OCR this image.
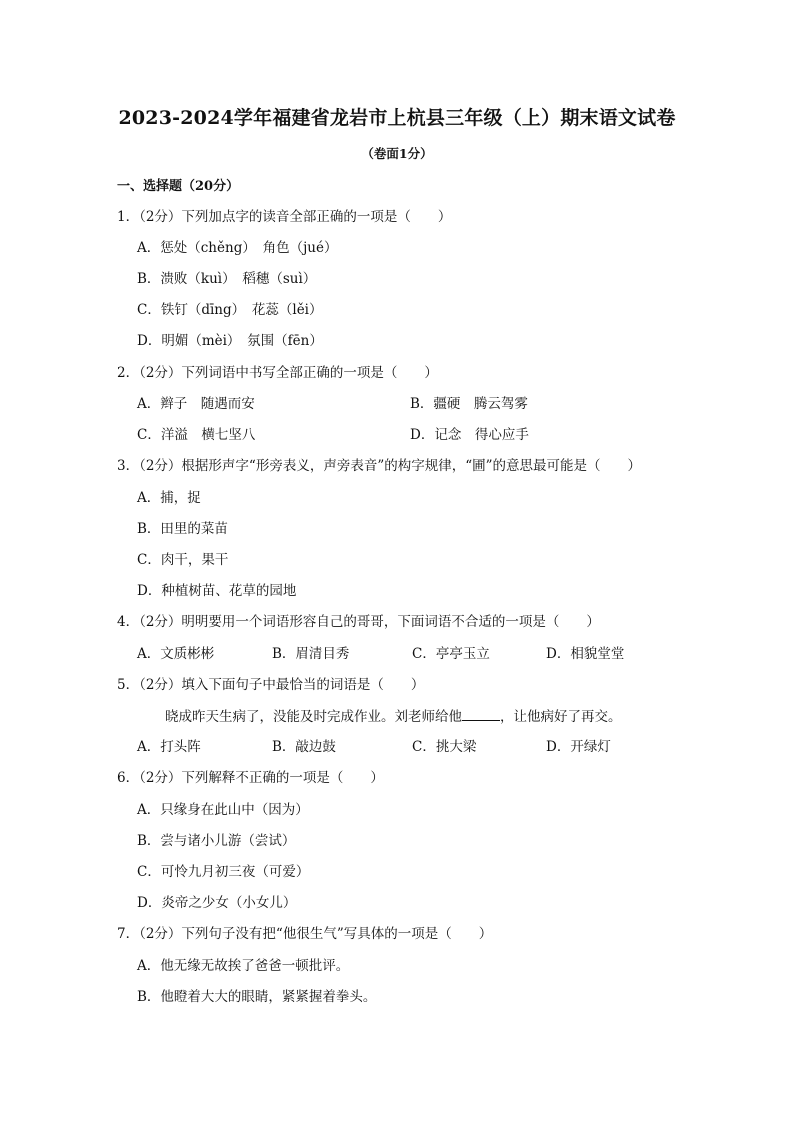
2023-2024学年福建省龙岩市上杭县三年级（上）期末语文试卷
（卷面1分）
一、选择题（20分）
1．（2分）下列加点字的读音全部正确的一项是（　　）
A．惩处（chěng）　角色（jué）
B．溃败（kuì）　稻穗（suì）
C．铁钉（dīng）　花蕊（lěi）
D．明媚（mèi）　氛围（fēn）
2．（2分）下列词语中书写全部正确的一项是（　　）
A．辫子　随遇而安	B．疆硬　腾云驾雾
C．洋溢　横七坚八	D．记念　得心应手
3．（2分）根据形声字“形旁表义，声旁表音”的构字规律，“圃”的意思最可能是（　　）
A．捕，捉
B．田里的菜苗
C．肉干，果干
D．种植树苗、花草的园地
4．（2分）明明要用一个词语形容自己的哥哥，下面词语不合适的一项是（　　）
A．文质彬彬	B．眉清目秀	C．亭亭玉立	D．相貌堂堂
5．（2分）填入下面句子中最恰当的词语是（　　）
晓成昨天生病了，没能及时完成作业。刘老师给他	，让他病好了再交。
A．打头阵	B．敲边鼓	C．挑大梁	D．开绿灯
6．（2分）下列解释不正确的一项是（　　）
A．只缘身在此山中（因为）
B．尝与诸小儿游（尝试）
C．可怜九月初三夜（可爱）
D．炎帝之少女（小女儿）
7．（2分）下列句子没有把“他很生气”写具体的一项是（　　）
A．他无缘无故挨了爸爸一顿批评。
B．他瞪着大大的眼睛，紧紧握着拳头。
